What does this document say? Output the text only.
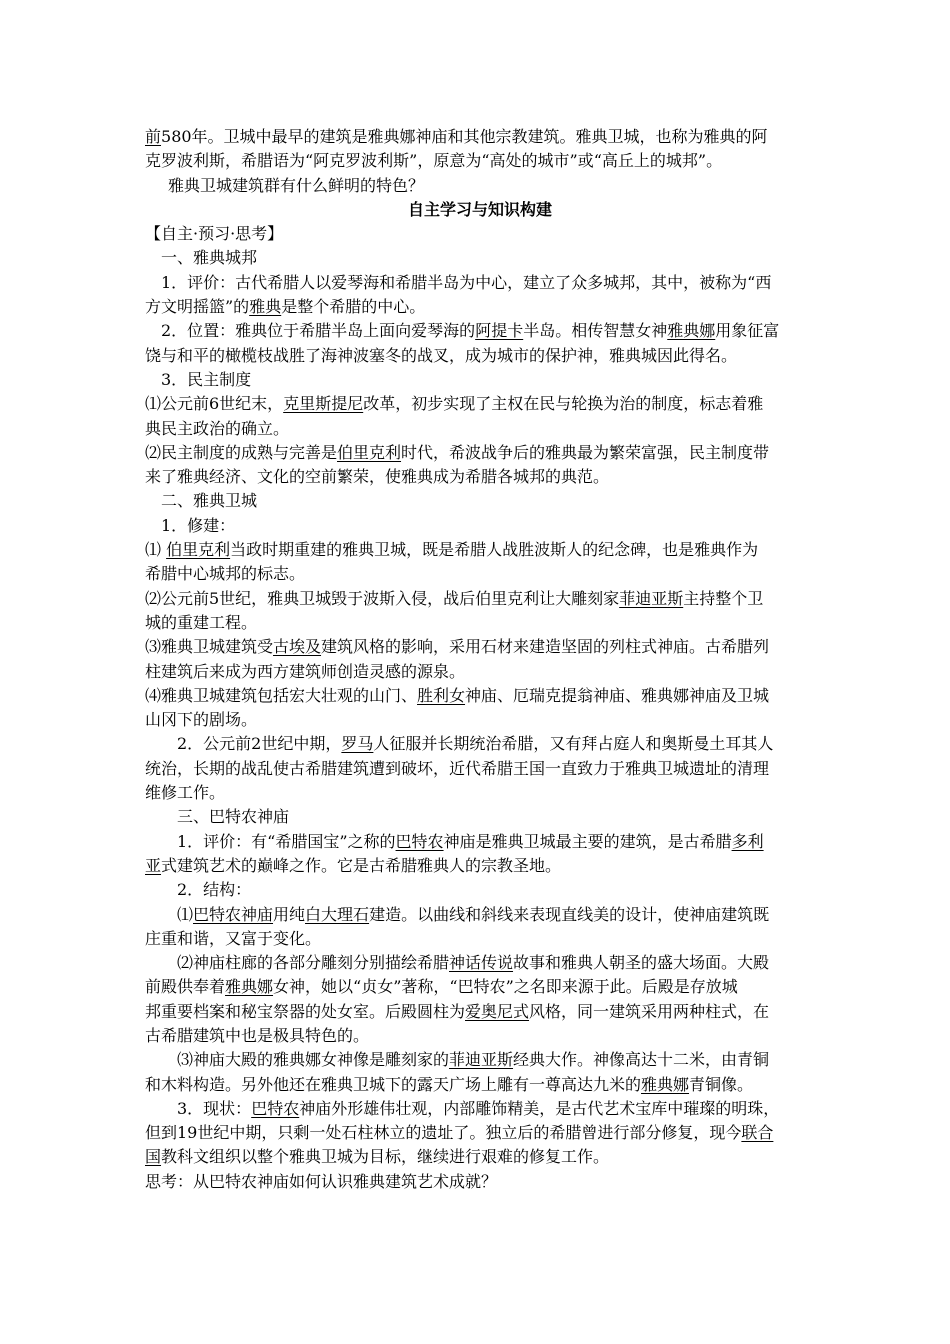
前580年。卫城中最早的建筑是雅典娜神庙和其他宗教建筑。雅典卫城，也称为雅典的阿

克罗波利斯，希腊语为“阿克罗波利斯”，原意为“高处的城市”或“高丘上的城邦”。

雅典卫城建筑群有什么鲜明的特色？

自主学习与知识构建

【自主·预习·思考】

一、雅典城邦

1．评价：古代希腊人以爱琴海和希腊半岛为中心，建立了众多城邦，其中，被称为“西

方文明摇篮”的雅典是整个希腊的中心。

2．位置：雅典位于希腊半岛上面向爱琴海的阿提卡半岛。相传智慧女神雅典娜用象征富

饶与和平的橄榄枝战胜了海神波塞冬的战叉，成为城市的保护神，雅典城因此得名。

3．民主制度

⑴公元前6世纪末，克里斯提尼改革，初步实现了主权在民与轮换为治的制度，标志着雅

典民主政治的确立。

⑵民主制度的成熟与完善是伯里克利时代，希波战争后的雅典最为繁荣富强，民主制度带

来了雅典经济、文化的空前繁荣，使雅典成为希腊各城邦的典范。

二、雅典卫城

1．修建：

⑴ 伯里克利当政时期重建的雅典卫城，既是希腊人战胜波斯人的纪念碑，也是雅典作为

希腊中心城邦的标志。

⑵公元前5世纪，雅典卫城毁于波斯入侵，战后伯里克利让大雕刻家菲迪亚斯主持整个卫

城的重建工程。

⑶雅典卫城建筑受古埃及建筑风格的影响，采用石材来建造坚固的列柱式神庙。古希腊列

柱建筑后来成为西方建筑师创造灵感的源泉。

⑷雅典卫城建筑包括宏大壮观的山门、胜利女神庙、厄瑞克提翁神庙、雅典娜神庙及卫城

山冈下的剧场。

2．公元前2世纪中期，罗马人征服并长期统治希腊，又有拜占庭人和奥斯曼土耳其人

统治，长期的战乱使古希腊建筑遭到破坏，近代希腊王国一直致力于雅典卫城遗址的清理

维修工作。

三、巴特农神庙

1．评价：有“希腊国宝”之称的巴特农神庙是雅典卫城最主要的建筑，是古希腊多利

亚式建筑艺术的巅峰之作。它是古希腊雅典人的宗教圣地。

2．结构：

⑴巴特农神庙用纯白大理石建造。以曲线和斜线来表现直线美的设计，使神庙建筑既

庄重和谐，又富于变化。

⑵神庙柱廊的各部分雕刻分别描绘希腊神话传说故事和雅典人朝圣的盛大场面。大殿

前殿供奉着雅典娜女神，她以“贞女”著称，“巴特农”之名即来源于此。后殿是存放城

邦重要档案和秘宝祭器的处女室。后殿圆柱为爱奥尼式风格，同一建筑采用两种柱式，在

古希腊建筑中也是极具特色的。

⑶神庙大殿的雅典娜女神像是雕刻家的菲迪亚斯经典大作。神像高达十二米，由青铜

和木料构造。另外他还在雅典卫城下的露天广场上雕有一尊高达九米的雅典娜青铜像。

3．现状：巴特农神庙外形雄伟壮观，内部雕饰精美，是古代艺术宝库中璀璨的明珠，

但到19世纪中期，只剩一处石柱林立的遗址了。独立后的希腊曾进行部分修复，现今联合

国教科文组织以整个雅典卫城为目标，继续进行艰难的修复工作。

思考：从巴特农神庙如何认识雅典建筑艺术成就？
